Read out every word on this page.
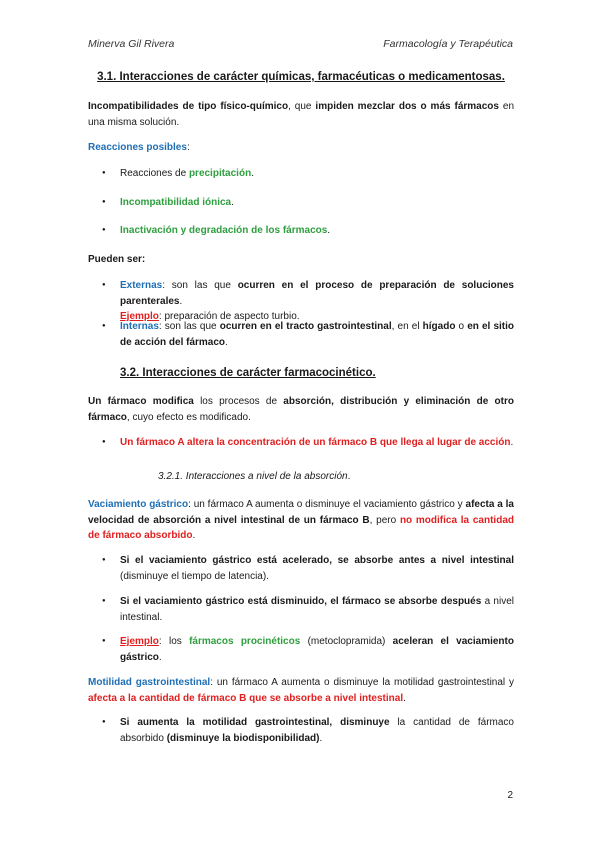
Minerva Gil Rivera	Farmacología y Terapéutica
3.1. Interacciones de carácter químicas, farmacéuticas o medicamentosas.
Incompatibilidades de tipo físico-químico, que impiden mezclar dos o más fármacos en una misma solución.
Reacciones posibles:
Reacciones de precipitación.
Incompatibilidad iónica.
Inactivación y degradación de los fármacos.
Pueden ser:
Externas: son las que ocurren en el proceso de preparación de soluciones parenterales.
Ejemplo: preparación de aspecto turbio.
Internas: son las que ocurren en el tracto gastrointestinal, en el hígado o en el sitio de acción del fármaco.
3.2. Interacciones de carácter farmacocinético.
Un fármaco modifica los procesos de absorción, distribución y eliminación de otro fármaco, cuyo efecto es modificado.
Un fármaco A altera la concentración de un fármaco B que llega al lugar de acción.
3.2.1. Interacciones a nivel de la absorción.
Vaciamiento gástrico: un fármaco A aumenta o disminuye el vaciamiento gástrico y afecta a la velocidad de absorción a nivel intestinal de un fármaco B, pero no modifica la cantidad de fármaco absorbido.
Si el vaciamiento gástrico está acelerado, se absorbe antes a nivel intestinal (disminuye el tiempo de latencia).
Si el vaciamiento gástrico está disminuido, el fármaco se absorbe después a nivel intestinal.
Ejemplo: los fármacos procinéticos (metoclopramida) aceleran el vaciamiento gástrico.
Motilidad gastrointestinal: un fármaco A aumenta o disminuye la motilidad gastrointestinal y afecta a la cantidad de fármaco B que se absorbe a nivel intestinal.
Si aumenta la motilidad gastrointestinal, disminuye la cantidad de fármaco absorbido (disminuye la biodisponibilidad).
2
